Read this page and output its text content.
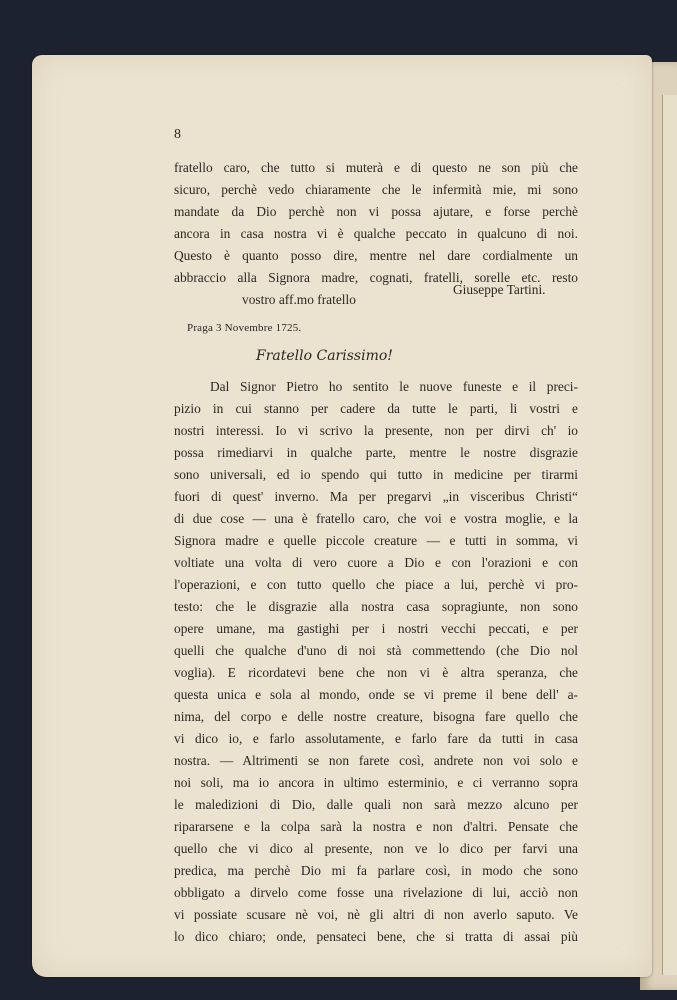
8
fratello caro, che tutto si muterà e di questo ne son più che
sicuro, perchè vedo chiaramente che le infermità mie, mi sono
mandate da Dio perchè non vi possa ajutare, e forse perchè
ancora in casa nostra vi è qualche peccato in qualcuno di noi.
Questo è quanto posso dire, mentre nel dare cordialmente un
abbraccio alla Signora madre, cognati, fratelli, sorelle etc. resto
vostro aff.mo fratello
Giuseppe Tartini.
Praga 3 Novembre 1725.
Fratello Carissimo!
Dal Signor Pietro ho sentito le nuove funeste e il preci-
pizio in cui stanno per cadere da tutte le parti, li vostri e
nostri interessi. Io vi scrivo la presente, non per dirvi ch' io
possa rimediarvi in qualche parte, mentre le nostre disgrazie
sono universali, ed io spendo qui tutto in medicine per tirarmi
fuori di quest' inverno. Ma per pregarvi „in visceribus Christi“
di due cose — una è fratello caro, che voi e vostra moglie, e la
Signora madre e quelle piccole creature — e tutti in somma, vi
voltiate una volta di vero cuore a Dio e con l'orazioni e con
l'operazioni, e con tutto quello che piace a lui, perchè vi pro-
testo: che le disgrazie alla nostra casa sopragiunte, non sono
opere umane, ma gastighi per i nostri vecchi peccati, e per
quelli che qualche d'uno di noi stà commettendo (che Dio nol
voglia). E ricordatevi bene che non vi è altra speranza, che
questa unica e sola al mondo, onde se vi preme il bene dell' a-
nima, del corpo e delle nostre creature, bisogna fare quello che
vi dico io, e farlo assolutamente, e farlo fare da tutti in casa
nostra. — Altrimenti se non farete così, andrete non voi solo e
noi soli, ma io ancora in ultimo esterminio, e ci verranno sopra
le maledizioni di Dio, dalle quali non sarà mezzo alcuno per
ripararsene e la colpa sarà la nostra e non d'altri. Pensate che
quello che vi dico al presente, non ve lo dico per farvi una
predica, ma perchè Dio mi fa parlare così, in modo che sono
obbligato a dirvelo come fosse una rivelazione di lui, acciò non
vi possiate scusare nè voi, nè gli altri di non averlo saputo. Ve
lo dico chiaro; onde, pensateci bene, che si tratta di assai più
